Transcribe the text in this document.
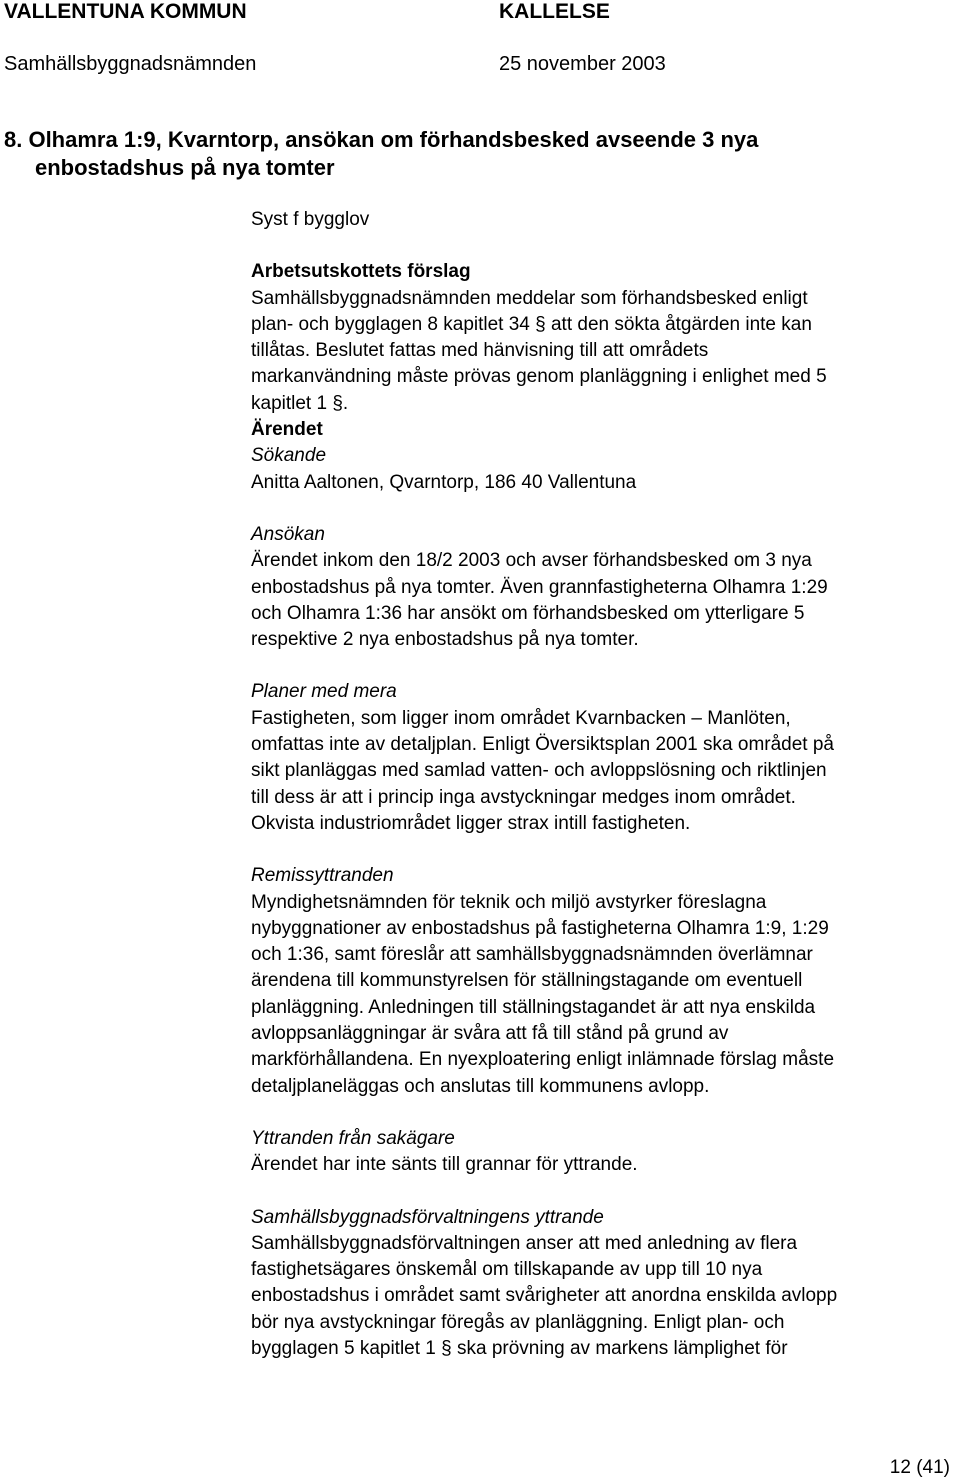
VALLENTUNA KOMMUN	KALLELSE
Samhällsbyggnadsnämnden	25 november 2003
8. Olhamra 1:9, Kvarntorp, ansökan om förhandsbesked avseende 3 nya
enbostadshus på nya tomter

Syst f bygglov

Arbetsutskottets förslag

Samhällsbyggnadsnämnden meddelar som förhandsbesked enligt

plan- och bygglagen 8 kapitlet 34 § att den sökta åtgärden inte kan

tillåtas. Beslutet fattas med hänvisning till att områdets

markanvändning måste prövas genom planläggning i enlighet med 5

kapitlet 1 §.

Ärendet

Sökande

Anitta Aaltonen, Qvarntorp, 186 40 Vallentuna

Ansökan

Ärendet inkom den 18/2 2003 och avser förhandsbesked om 3 nya

enbostadshus på nya tomter. Även grannfastigheterna Olhamra 1:29

och Olhamra 1:36 har ansökt om förhandsbesked om ytterligare 5

respektive 2 nya enbostadshus på nya tomter.

Planer med mera

Fastigheten, som ligger inom området Kvarnbacken – Manlöten,

omfattas inte av detaljplan. Enligt Översiktsplan 2001 ska området på

sikt planläggas med samlad vatten- och avloppslösning och riktlinjen

till dess är att i princip inga avstyckningar medges inom området.

Okvista industriområdet ligger strax intill fastigheten.

Remissyttranden

Myndighetsnämnden för teknik och miljö avstyrker föreslagna

nybyggnationer av enbostadshus på fastigheterna Olhamra 1:9, 1:29

och 1:36, samt föreslår att samhällsbyggnadsnämnden överlämnar

ärendena till kommunstyrelsen för ställningstagande om eventuell

planläggning. Anledningen till ställningstagandet är att nya enskilda

avloppsanläggningar är svåra att få till stånd på grund av

markförhållandena. En nyexploatering enligt inlämnade förslag måste

detaljplaneläggas och anslutas till kommunens avlopp.

Yttranden från sakägare

Ärendet har inte sänts till grannar för yttrande.

Samhällsbyggnadsförvaltningens yttrande

Samhällsbyggnadsförvaltningen anser att med anledning av flera

fastighetsägares önskemål om tillskapande av upp till 10 nya

enbostadshus i området samt svårigheter att anordna enskilda avlopp

bör nya avstyckningar föregås av planläggning. Enligt plan- och

bygglagen 5 kapitlet 1 § ska prövning av markens lämplighet för

12 (41)
